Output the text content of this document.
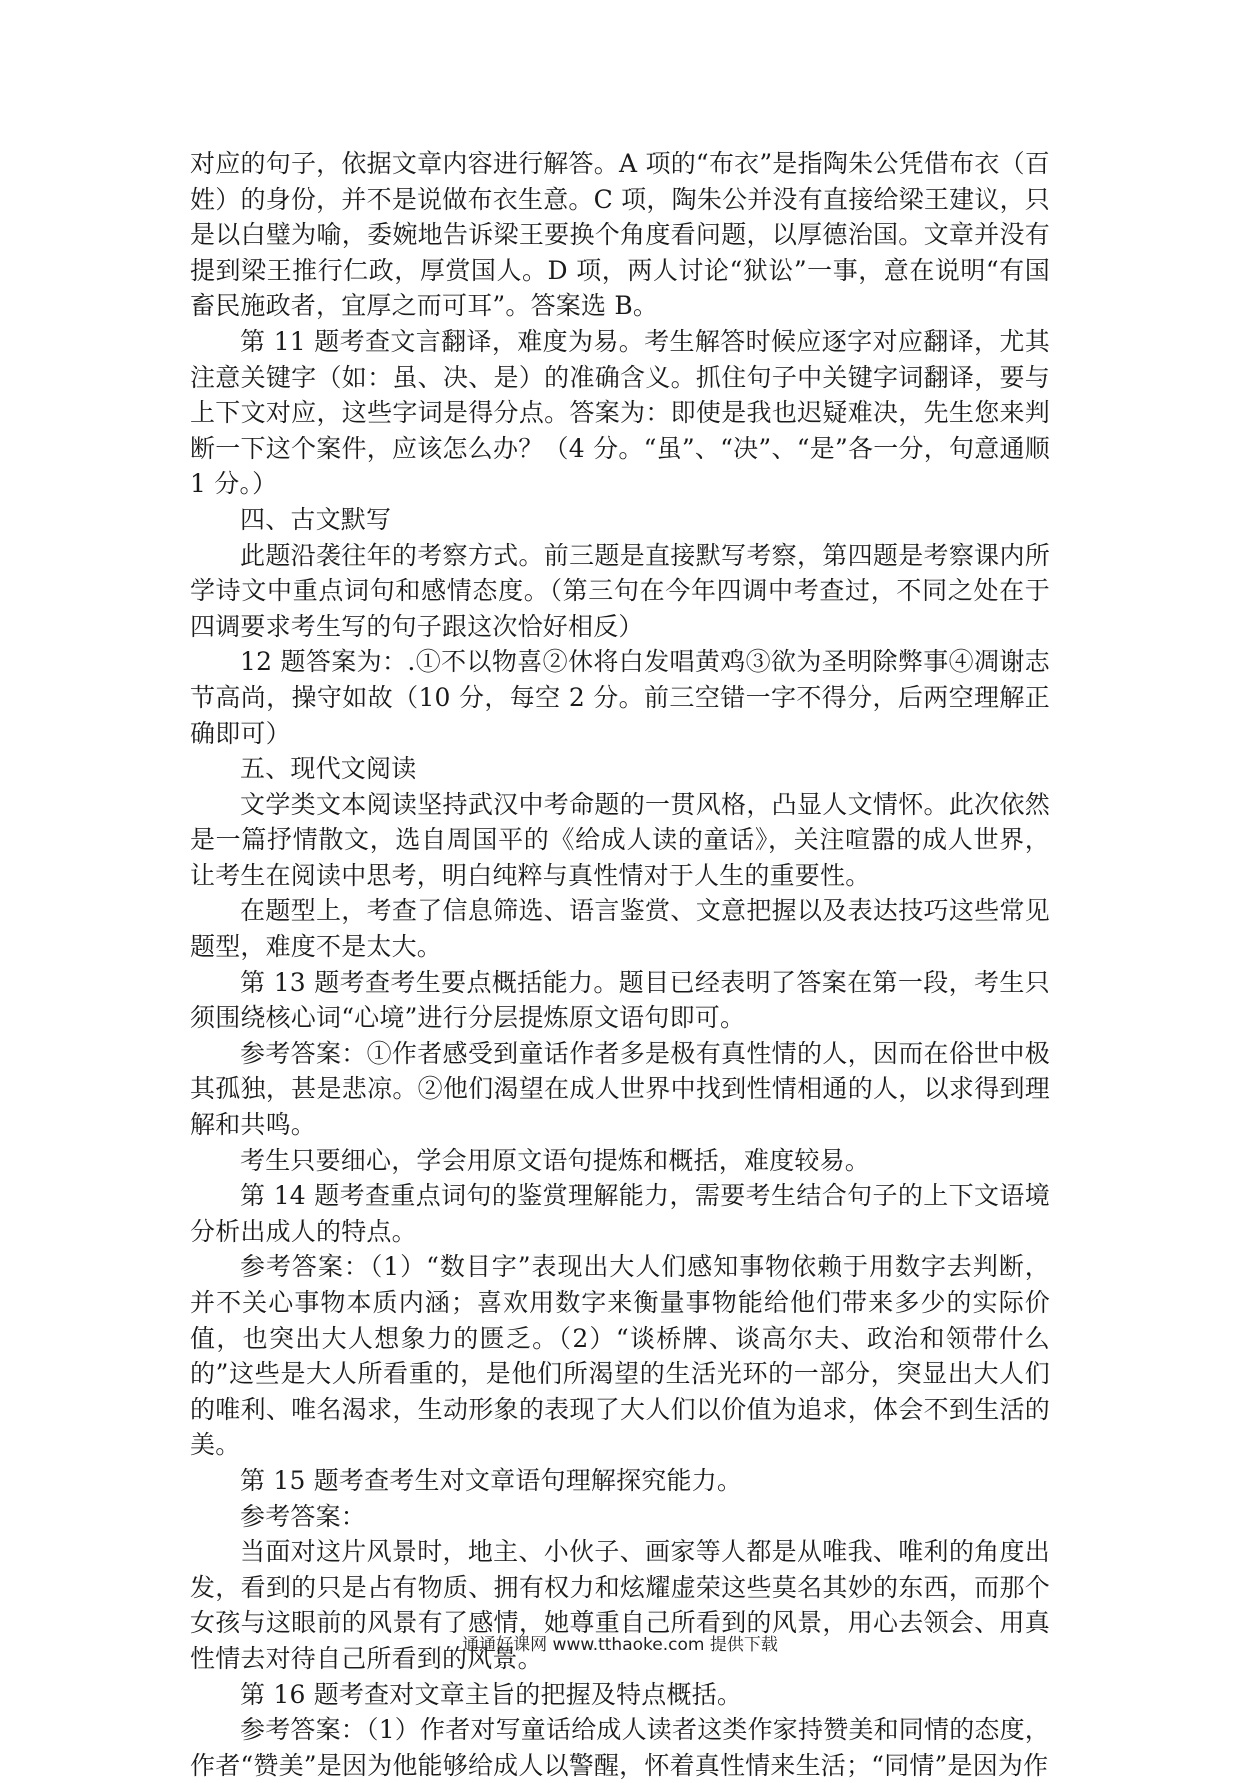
对应的句子，依据文章内容进行解答。A 项的“布衣”是指陶朱公凭借布衣（百姓）的身份，并不是说做布衣生意。C 项，陶朱公并没有直接给梁王建议，只是以白璧为喻，委婉地告诉梁王要换个角度看问题，以厚德治国。文章并没有提到梁王推行仁政，厚赏国人。D 项，两人讨论“狱讼”一事，意在说明“有国畜民施政者，宜厚之而可耳”。答案选 B。

第 11 题考查文言翻译，难度为易。考生解答时候应逐字对应翻译，尤其注意关键字（如：虽、决、是）的准确含义。抓住句子中关键字词翻译，要与上下文对应，这些字词是得分点。答案为：即使是我也迟疑难决，先生您来判断一下这个案件，应该怎么办？（4 分。“虽”、“决”、“是”各一分，句意通顺 1 分。）

四、古文默写

此题沿袭往年的考察方式。前三题是直接默写考察，第四题是考察课内所学诗文中重点词句和感情态度。（第三句在今年四调中考查过，不同之处在于四调要求考生写的句子跟这次恰好相反）

12 题答案为：.①不以物喜②休将白发唱黄鸡③欲为圣明除弊事④凋谢志节高尚，操守如故（10 分，每空 2 分。前三空错一字不得分，后两空理解正确即可）

五、现代文阅读

文学类文本阅读坚持武汉中考命题的一贯风格，凸显人文情怀。此次依然是一篇抒情散文，选自周国平的《给成人读的童话》，关注喧嚣的成人世界，让考生在阅读中思考，明白纯粹与真性情对于人生的重要性。

在题型上，考查了信息筛选、语言鉴赏、文意把握以及表达技巧这些常见题型，难度不是太大。

第 13 题考查考生要点概括能力。题目已经表明了答案在第一段，考生只须围绕核心词“心境”进行分层提炼原文语句即可。

参考答案：①作者感受到童话作者多是极有真性情的人，因而在俗世中极其孤独，甚是悲凉。②他们渴望在成人世界中找到性情相通的人，以求得到理解和共鸣。

考生只要细心，学会用原文语句提炼和概括，难度较易。

第 14 题考查重点词句的鉴赏理解能力，需要考生结合句子的上下文语境分析出成人的特点。

参考答案：（1）“数目字”表现出大人们感知事物依赖于用数字去判断，并不关心事物本质内涵；喜欢用数字来衡量事物能给他们带来多少的实际价值，也突出大人想象力的匮乏。（2）“谈桥牌、谈高尔夫、政治和领带什么的”这些是大人所看重的，是他们所渴望的生活光环的一部分，突显出大人们的唯利、唯名渴求，生动形象的表现了大人们以价值为追求，体会不到生活的美。

第 15 题考查考生对文章语句理解探究能力。

参考答案：

当面对这片风景时，地主、小伙子、画家等人都是从唯我、唯利的角度出发，看到的只是占有物质、拥有权力和炫耀虚荣这些莫名其妙的东西，而那个女孩与这眼前的风景有了感情，她尊重自己所看到的风景，用心去领会、用真性情去对待自己所看到的风景。

第 16 题考查对文章主旨的把握及特点概括。

参考答案：（1）作者对写童话给成人读者这类作家持赞美和同情的态度，作者“赞美”是因为他能够给成人以警醒，怀着真性情来生活；“同情”是因为作

通通好课网 www.tthaoke.com 提供下载
